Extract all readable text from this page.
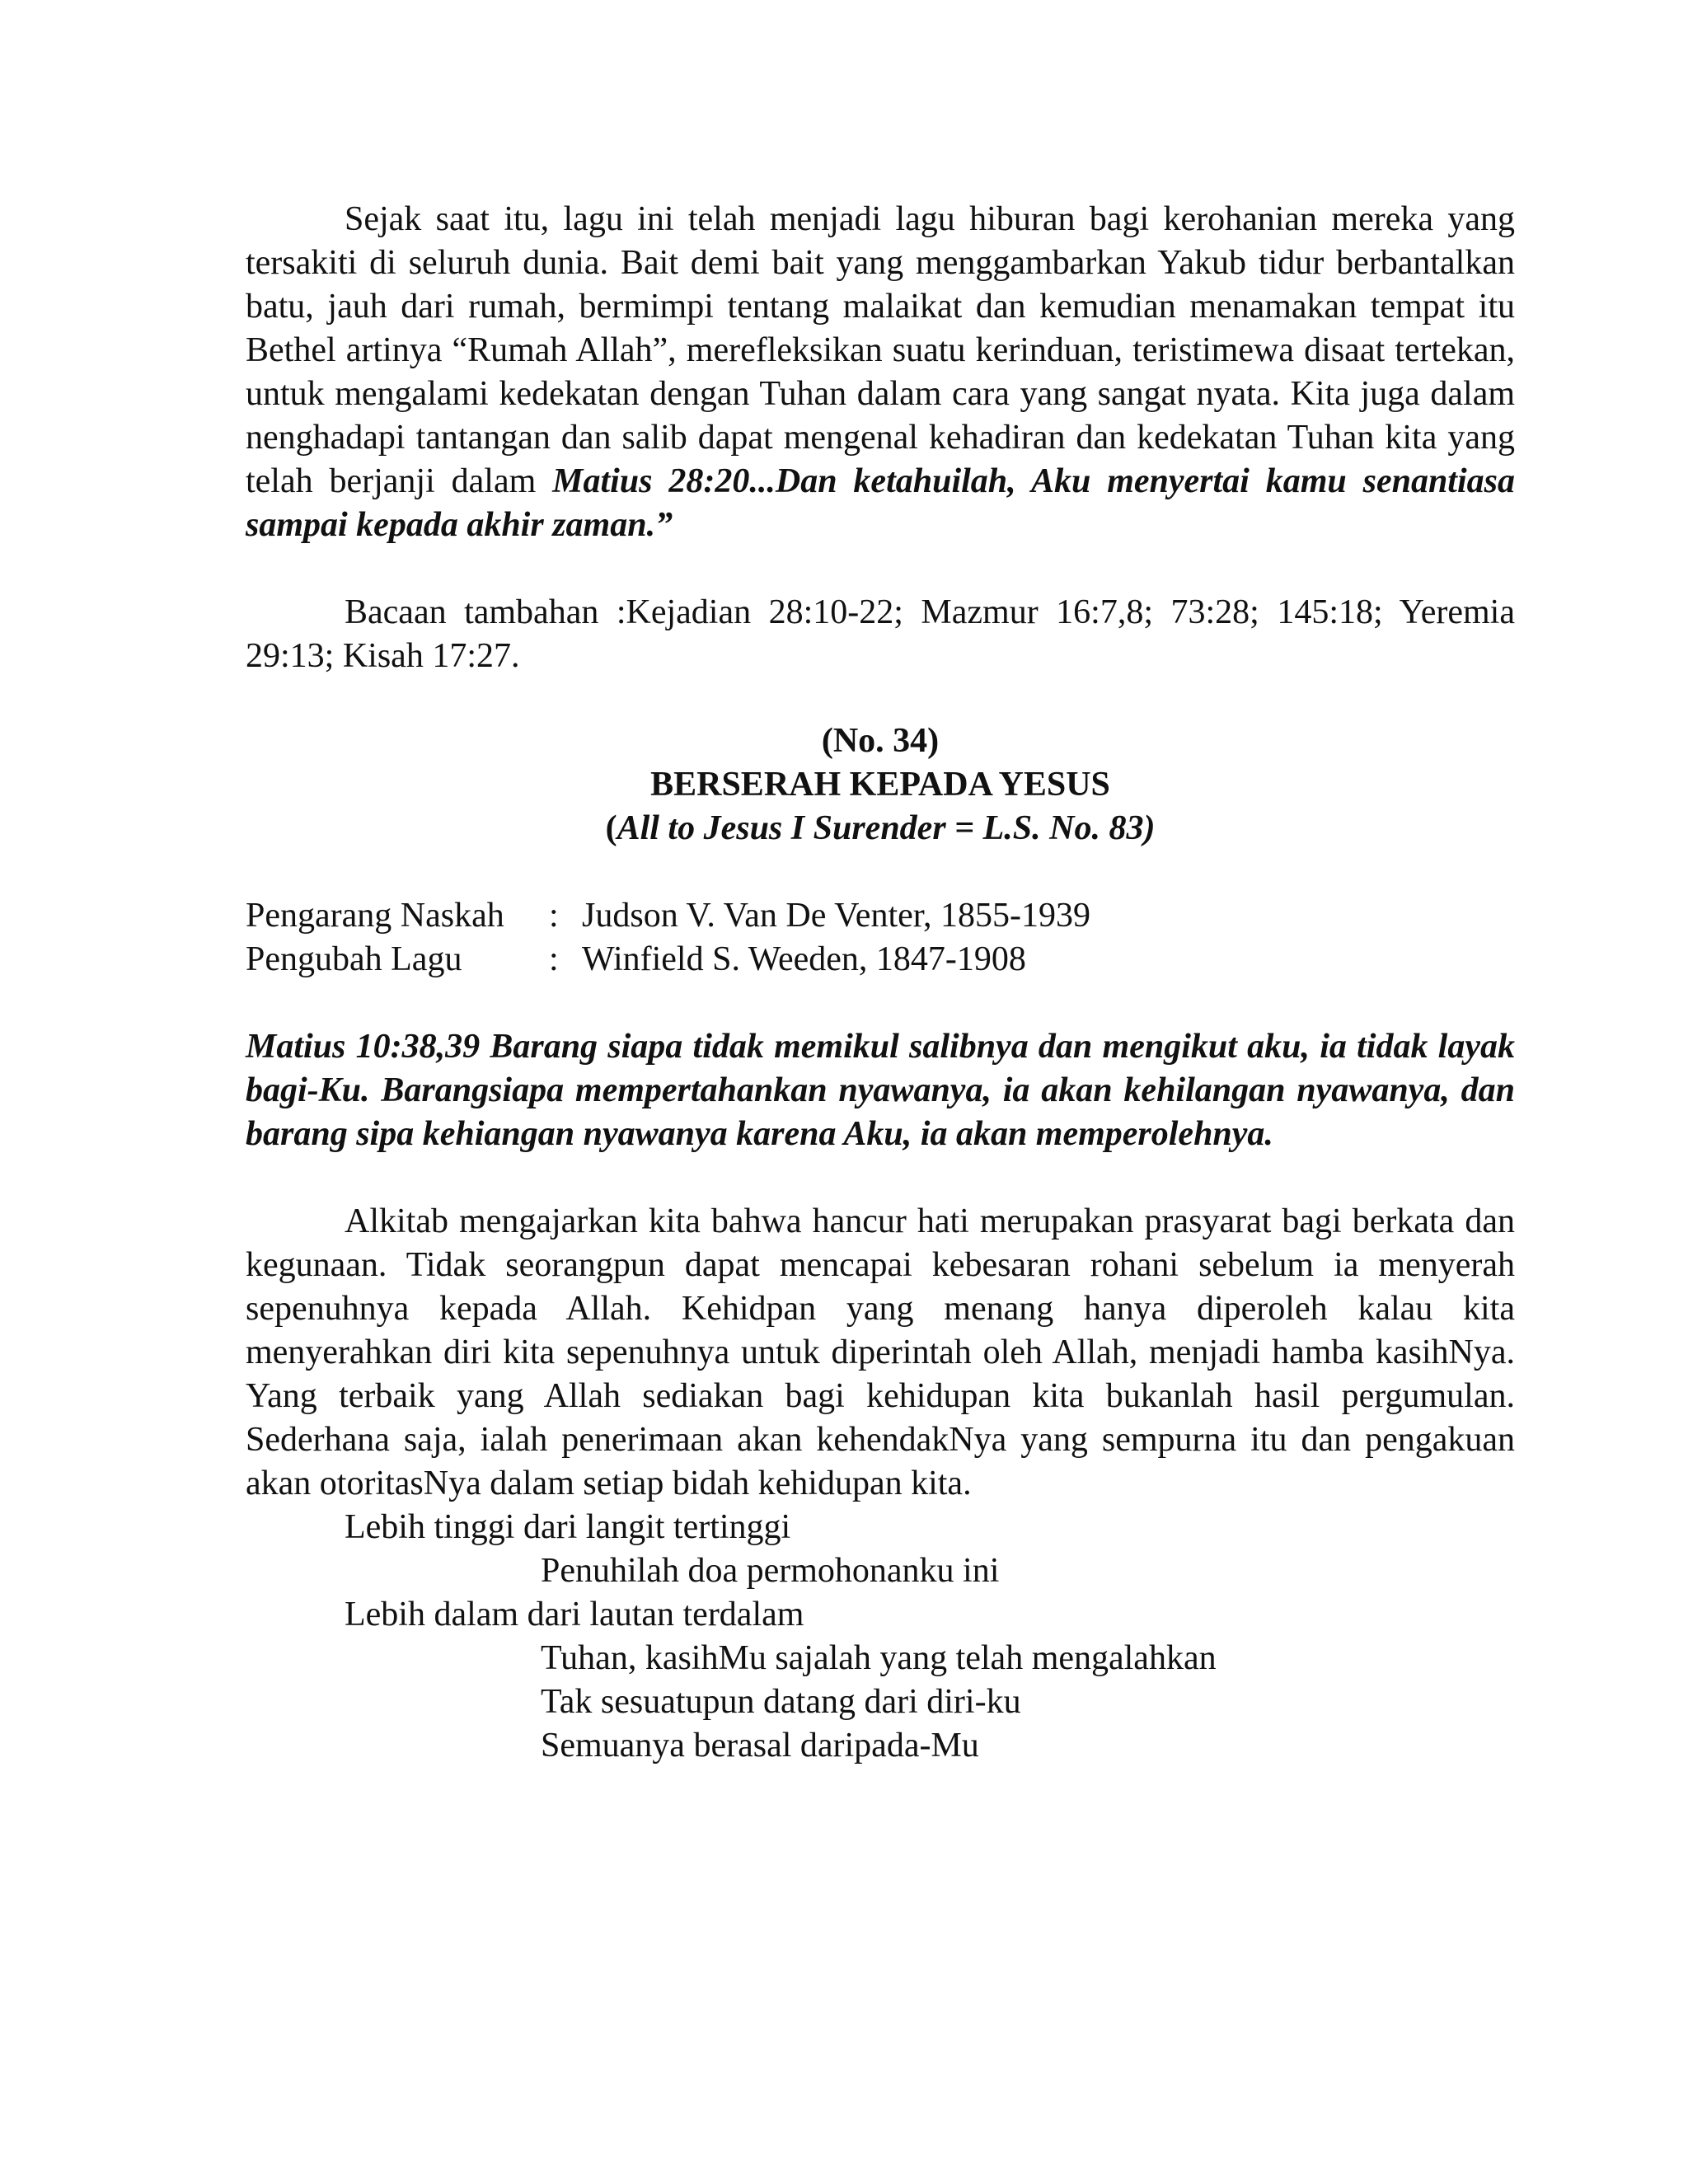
Sejak saat itu, lagu ini telah menjadi lagu hiburan bagi kerohanian mereka yang tersakiti di seluruh dunia. Bait demi bait yang menggambarkan Yakub tidur berbantalkan batu, jauh dari rumah, bermimpi tentang malaikat dan kemudian menamakan tempat itu Bethel artinya “Rumah Allah”, merefleksikan suatu kerinduan, teristimewa disaat tertekan, untuk mengalami kedekatan dengan Tuhan dalam cara yang sangat nyata. Kita juga dalam nenghadapi tantangan dan salib dapat mengenal kehadiran dan kedekatan Tuhan kita yang telah berjanji dalam Matius 28:20...Dan ketahuilah, Aku menyertai kamu senantiasa sampai kepada akhir zaman.”

Bacaan tambahan :Kejadian 28:10-22; Mazmur 16:7,8; 73:28; 145:18; Yeremia 29:13; Kisah 17:27.

(No. 34)

BERSERAH KEPADA YESUS

(All to Jesus I Surender = L.S. No. 83)

Pengarang Naskah	: Judson V. Van De Venter, 1855-1939
Pengubah Lagu	: Winfield S. Weeden, 1847-1908

Matius 10:38,39 Barang siapa tidak memikul salibnya dan mengikut aku, ia tidak layak bagi-Ku. Barangsiapa mempertahankan nyawanya, ia akan kehilangan nyawanya, dan barang sipa kehiangan nyawanya karena Aku, ia akan memperolehnya.

Alkitab mengajarkan kita bahwa hancur hati merupakan prasyarat bagi berkata dan kegunaan. Tidak seorangpun dapat mencapai kebesaran rohani sebelum ia menyerah sepenuhnya kepada Allah. Kehidpan yang menang hanya diperoleh kalau kita menyerahkan diri kita sepenuhnya untuk diperintah oleh Allah, menjadi hamba kasihNya. Yang terbaik yang Allah sediakan bagi kehidupan kita bukanlah hasil pergumulan. Sederhana saja, ialah penerimaan akan kehendakNya yang sempurna itu dan pengakuan akan otoritasNya dalam setiap bidah kehidupan kita.

Lebih tinggi dari langit tertinggi
Penuhilah doa permohonanku ini
Lebih dalam dari lautan terdalam
Tuhan, kasihMu sajalah yang telah mengalahkan
Tak sesuatupun datang dari diri-ku
Semuanya berasal daripada-Mu
